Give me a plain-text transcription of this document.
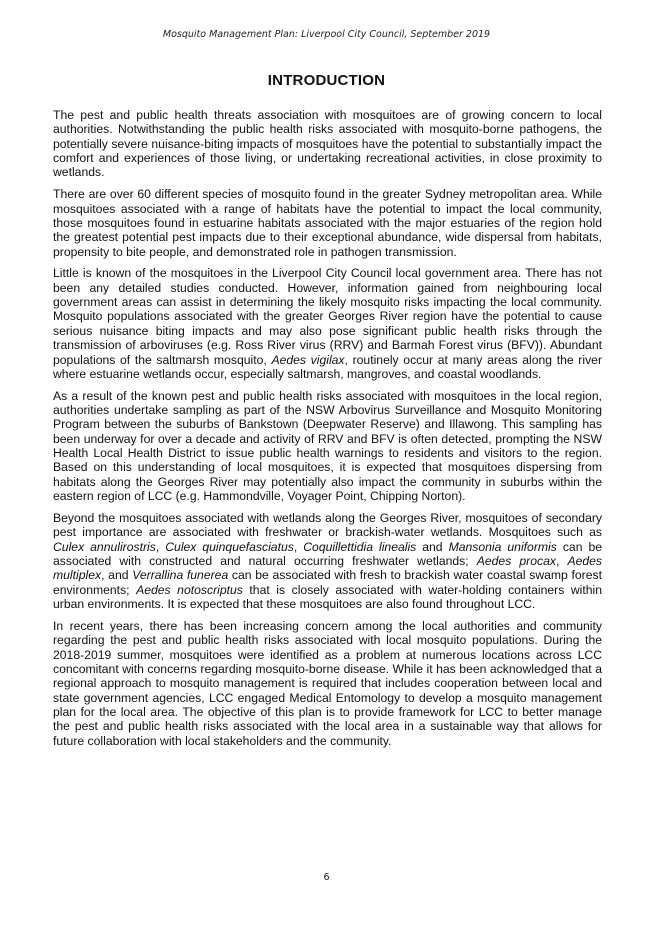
Mosquito Management Plan: Liverpool City Council, September 2019
INTRODUCTION

The pest and public health threats association with mosquitoes are of growing concern to local authorities. Notwithstanding the public health risks associated with mosquito-borne pathogens, the potentially severe nuisance-biting impacts of mosquitoes have the potential to substantially impact the comfort and experiences of those living, or undertaking recreational activities, in close proximity to wetlands.

There are over 60 different species of mosquito found in the greater Sydney metropolitan area. While mosquitoes associated with a range of habitats have the potential to impact the local community, those mosquitoes found in estuarine habitats associated with the major estuaries of the region hold the greatest potential pest impacts due to their exceptional abundance, wide dispersal from habitats, propensity to bite people, and demonstrated role in pathogen transmission.

Little is known of the mosquitoes in the Liverpool City Council local government area. There has not been any detailed studies conducted. However, information gained from neighbouring local government areas can assist in determining the likely mosquito risks impacting the local community. Mosquito populations associated with the greater Georges River region have the potential to cause serious nuisance biting impacts and may also pose significant public health risks through the transmission of arboviruses (e.g. Ross River virus (RRV) and Barmah Forest virus (BFV)). Abundant populations of the saltmarsh mosquito, Aedes vigilax, routinely occur at many areas along the river where estuarine wetlands occur, especially saltmarsh, mangroves, and coastal woodlands.

As a result of the known pest and public health risks associated with mosquitoes in the local region, authorities undertake sampling as part of the NSW Arbovirus Surveillance and Mosquito Monitoring Program between the suburbs of Bankstown (Deepwater Reserve) and Illawong. This sampling has been underway for over a decade and activity of RRV and BFV is often detected, prompting the NSW Health Local Health District to issue public health warnings to residents and visitors to the region. Based on this understanding of local mosquitoes, it is expected that mosquitoes dispersing from habitats along the Georges River may potentially also impact the community in suburbs within the eastern region of LCC (e.g. Hammondville, Voyager Point, Chipping Norton).

Beyond the mosquitoes associated with wetlands along the Georges River, mosquitoes of secondary pest importance are associated with freshwater or brackish-water wetlands. Mosquitoes such as Culex annulirostris, Culex quinquefasciatus, Coquillettidia linealis and Mansonia uniformis can be associated with constructed and natural occurring freshwater wetlands; Aedes procax, Aedes multiplex, and Verrallina funerea can be associated with fresh to brackish water coastal swamp forest environments; Aedes notoscriptus that is closely associated with water-holding containers within urban environments. It is expected that these mosquitoes are also found throughout LCC.

In recent years, there has been increasing concern among the local authorities and community regarding the pest and public health risks associated with local mosquito populations. During the 2018-2019 summer, mosquitoes were identified as a problem at numerous locations across LCC concomitant with concerns regarding mosquito-borne disease. While it has been acknowledged that a regional approach to mosquito management is required that includes cooperation between local and state government agencies, LCC engaged Medical Entomology to develop a mosquito management plan for the local area. The objective of this plan is to provide framework for LCC to better manage the pest and public health risks associated with the local area in a sustainable way that allows for future collaboration with local stakeholders and the community.

6
